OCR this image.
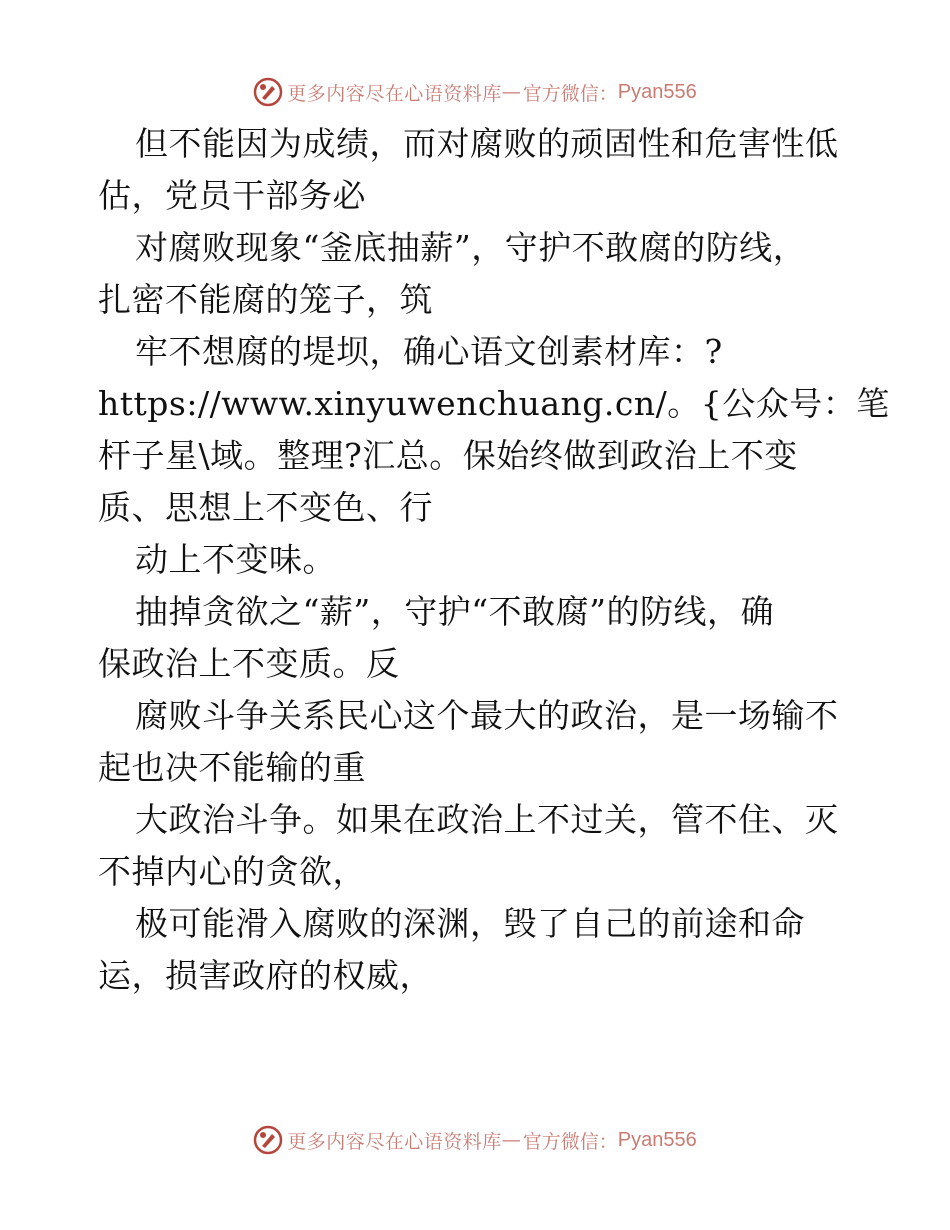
更多内容尽在心语资料库 — 官方微信： Pyan556
但不能因为成绩，而对腐败的顽固性和危害性低
估，党员干部务必
对腐败现象“釜底抽薪”，守护不敢腐的防线，
扎密不能腐的笼子，筑
牢不想腐的堤坝，确心语文创素材库：?
https://www.xinyuwenchuang.cn/。{公众号：笔
杆子星\域。整理?汇总。保始终做到政治上不变
质、思想上不变色、行
动上不变味。
抽掉贪欲之“薪”，守护“不敢腐”的防线，确
保政治上不变质。反
腐败斗争关系民心这个最大的政治，是一场输不
起也决不能输的重
大政治斗争。如果在政治上不过关，管不住、灭
不掉内心的贪欲，
极可能滑入腐败的深渊，毁了自己的前途和命
运，损害政府的权威，
更多内容尽在心语资料库 — 官方微信： Pyan556
